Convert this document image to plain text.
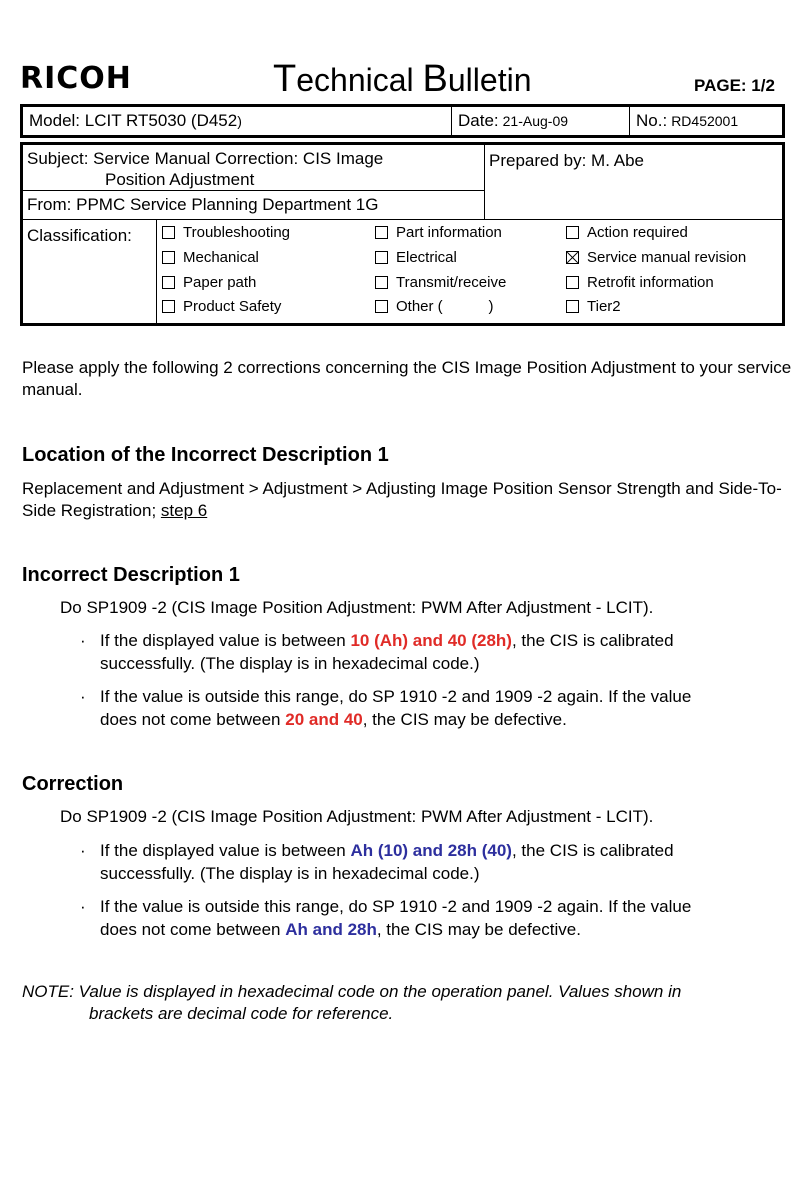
RICOH	Technical Bulletin	PAGE: 1/2
Model:
LCIT RT5030 (D452 )	Date: 21-Aug-09	No.: RD452001
Subject: Service Manual Correction: CIS Image
Position Adjustment
From: PPMC Service Planning Department 1G
Prepared by: M. Abe
Classification:	Troubleshooting	Part information	Action required
Mechanical	Electrical	Service manual revision
Paper path	Transmit/receive	Retrofit information
Product Safety	Other (           )	Tier2
Please apply the following 2 corrections concerning the CIS Image Position Adjustment to your service manual.
Location of the Incorrect Description 1
Replacement and Adjustment > Adjustment > Adjusting Image Position Sensor Strength and Side-To-Side Registration; step 6
Incorrect Description 1
Do SP1909 -2 (CIS Image Position Adjustment: PWM After Adjustment - LCIT).
· If the displayed value is between 10 (Ah) and 40 (28h), the CIS is calibrated
successfully. (The display is in hexadecimal code.)
· If the value is outside this range, do SP 1910 -2 and 1909 -2 again. If the value
does not come between 20 and 40, the CIS may be defective.
Correction
Do SP1909 -2 (CIS Image Position Adjustment: PWM After Adjustment - LCIT).
· If the displayed value is between Ah (10) and 28h (40), the CIS is calibrated
successfully. (The display is in hexadecimal code.)
· If the value is outside this range, do SP 1910 -2 and 1909 -2 again. If the value
does not come between Ah and 28h, the CIS may be defective.
NOTE: Value is displayed in hexadecimal code on the operation panel. Values shown in
brackets are decimal code for reference.
